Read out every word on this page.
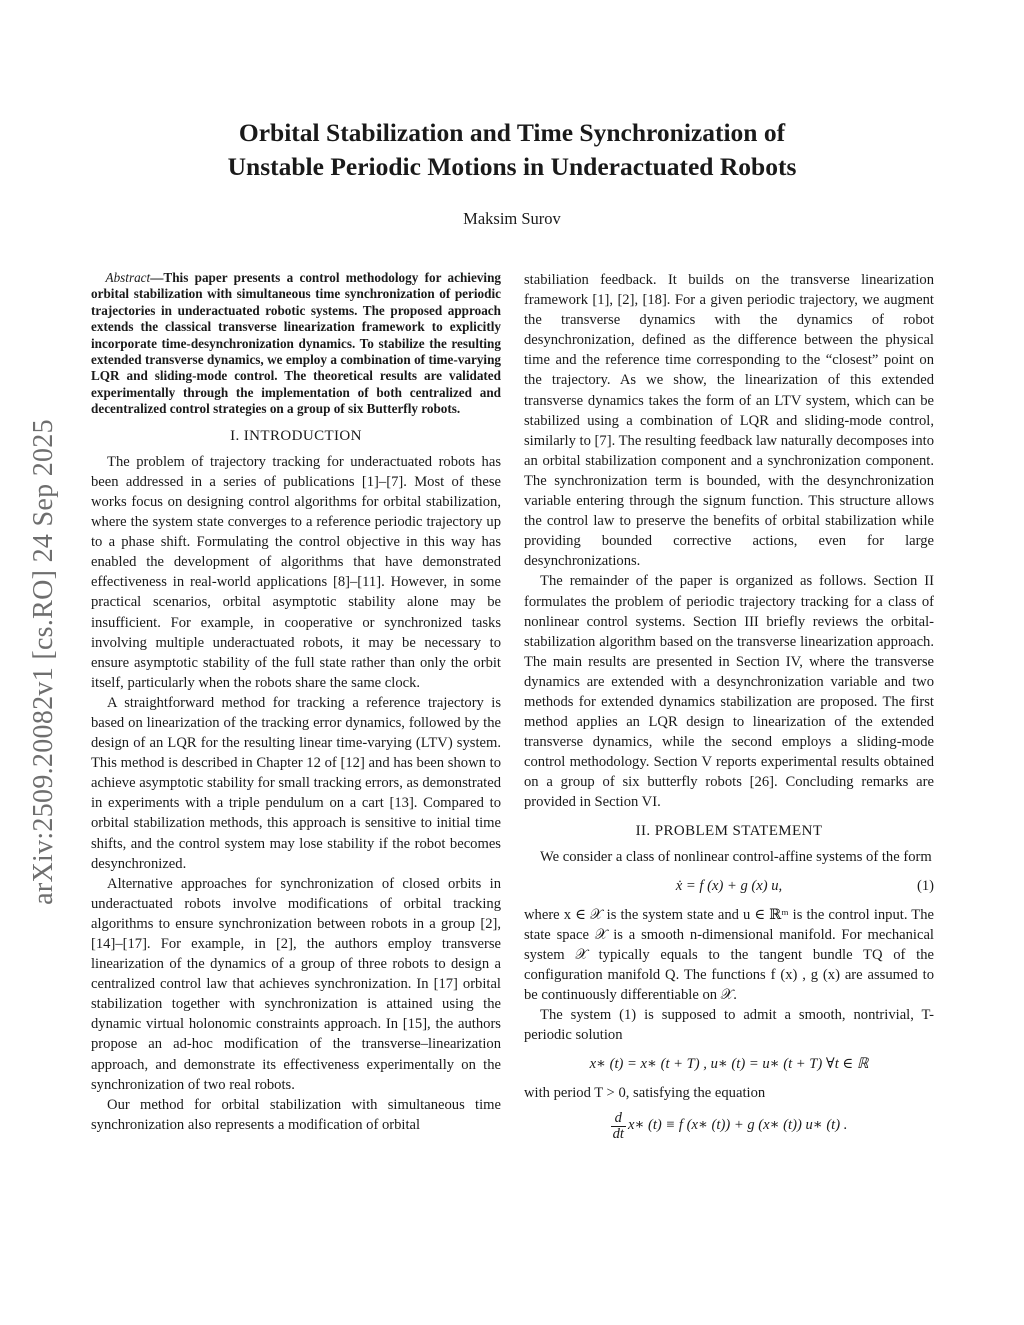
arXiv:2509.20082v1 [cs.RO] 24 Sep 2025
Orbital Stabilization and Time Synchronization of
Unstable Periodic Motions in Underactuated Robots
Maksim Surov

Abstract—This paper presents a control methodology for achieving orbital stabilization with simultaneous time synchronization of periodic trajectories in underactuated robotic systems. The proposed approach extends the classical transverse linearization framework to explicitly incorporate time-desynchronization dynamics. To stabilize the resulting extended transverse dynamics, we employ a combination of time-varying LQR and sliding-mode control. The theoretical results are validated experimentally through the implementation of both centralized and decentralized control strategies on a group of six Butterfly robots.

I. INTRODUCTION

The problem of trajectory tracking for underactuated robots has been addressed in a series of publications [1]–[7]. Most of these works focus on designing control algorithms for orbital stabilization, where the system state converges to a reference periodic trajectory up to a phase shift. Formulating the control objective in this way has enabled the development of algorithms that have demonstrated effectiveness in real-world applications [8]–[11]. However, in some practical scenarios, orbital asymptotic stability alone may be insufficient. For example, in cooperative or synchronized tasks involving multiple underactuated robots, it may be necessary to ensure asymptotic stability of the full state rather than only the orbit itself, particularly when the robots share the same clock.

A straightforward method for tracking a reference trajectory is based on linearization of the tracking error dynamics, followed by the design of an LQR for the resulting linear time-varying (LTV) system. This method is described in Chapter 12 of [12] and has been shown to achieve asymptotic stability for small tracking errors, as demonstrated in experiments with a triple pendulum on a cart [13]. Compared to orbital stabilization methods, this approach is sensitive to initial time shifts, and the control system may lose stability if the robot becomes desynchronized.

Alternative approaches for synchronization of closed orbits in underactuated robots involve modifications of orbital tracking algorithms to ensure synchronization between robots in a group [2], [14]–[17]. For example, in [2], the authors employ transverse linearization of the dynamics of a group of three robots to design a centralized control law that achieves synchronization. In [17] orbital stabilization together with synchronization is attained using the dynamic virtual holonomic constraints approach. In [15], the authors propose an ad-hoc modification of the transverse–linearization approach, and demonstrate its effectiveness experimentally on the synchronization of two real robots.

Our method for orbital stabilization with simultaneous time synchronization also represents a modification of orbital

stabiliation feedback. It builds on the transverse linearization framework [1], [2], [18]. For a given periodic trajectory, we augment the transverse dynamics with the dynamics of robot desynchronization, defined as the difference between the physical time and the reference time corresponding to the “closest” point on the trajectory. As we show, the linearization of this extended transverse dynamics takes the form of an LTV system, which can be stabilized using a combination of LQR and sliding-mode control, similarly to [7]. The resulting feedback law naturally decomposes into an orbital stabilization component and a synchronization component. The synchronization term is bounded, with the desynchronization variable entering through the signum function. This structure allows the control law to preserve the benefits of orbital stabilization while providing bounded corrective actions, even for large desynchronizations.

The remainder of the paper is organized as follows. Section II formulates the problem of periodic trajectory tracking for a class of nonlinear control systems. Section III briefly reviews the orbital-stabilization algorithm based on the transverse linearization approach. The main results are presented in Section IV, where the transverse dynamics are extended with a desynchronization variable and two methods for extended dynamics stabilization are proposed. The first method applies an LQR design to linearization of the extended transverse dynamics, while the second employs a sliding-mode control methodology. Section V reports experimental results obtained on a group of six butterfly robots [26]. Concluding remarks are provided in Section VI.

II. PROBLEM STATEMENT

We consider a class of nonlinear control-affine systems of the form

ẋ = f (x) + g (x) u,	(1)

where x ∈ 𝒳 is the system state and u ∈ ℝᵐ is the control input. The state space 𝒳 is a smooth n-dimensional manifold. For mechanical system 𝒳 typically equals to the tangent bundle TQ of the configuration manifold Q. The functions f (x) , g (x) are assumed to be continuously differentiable on 𝒳.

The system (1) is supposed to admit a smooth, nontrivial, T-periodic solution

x∗ (t) = x∗ (t + T) , u∗ (t) = u∗ (t + T) ∀t ∈ ℝ

with period T > 0, satisfying the equation

$\frac{d}{dt}$ x∗ (t) ≡ f (x∗ (t)) + g (x∗ (t)) u∗ (t) .
